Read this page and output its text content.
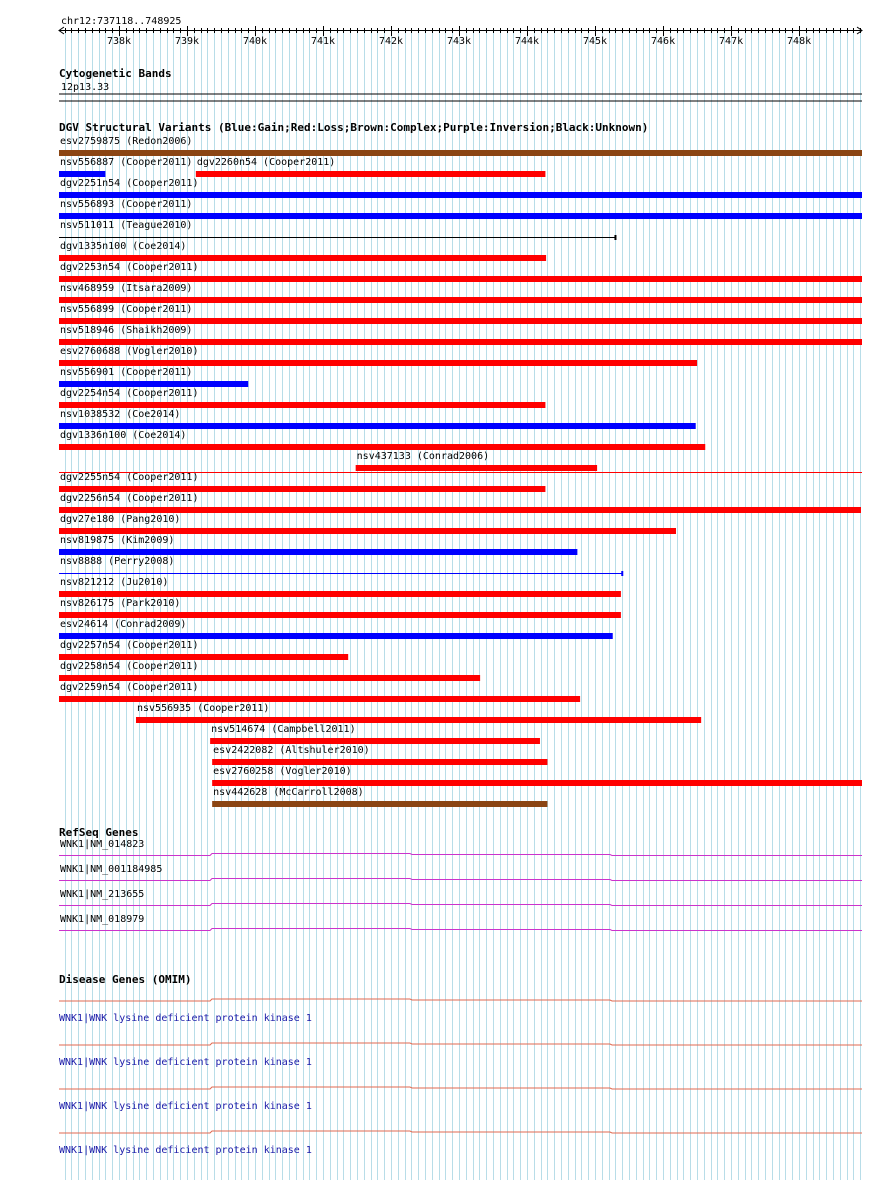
chr12:737118..748925
738k	739k	740k	741k	742k	743k	744k	745k	746k	747k	748k
Cytogenetic Bands
12p13.33
DGV Structural Variants (Blue:Gain;Red:Loss;Brown:Complex;Purple:Inversion;Black:Unknown)
esv2759875 (Redon2006)
nsv556887 (Cooper2011) dgv2260n54 (Cooper2011)
dgv2251n54 (Cooper2011)
nsv556893 (Cooper2011)
nsv511011 (Teague2010)
dgv1335n100 (Coe2014)
dgv2253n54 (Cooper2011)
nsv468959 (Itsara2009)
nsv556899 (Cooper2011)
nsv518946 (Shaikh2009)
esv2760688 (Vogler2010)
nsv556901 (Cooper2011)
dgv2254n54 (Cooper2011)
nsv1038532 (Coe2014)
dgv1336n100 (Coe2014)
nsv437133 (Conrad2006)
dgv2255n54 (Cooper2011)
dgv2256n54 (Cooper2011)
dgv27e180 (Pang2010)
nsv819875 (Kim2009)
nsv8888 (Perry2008)
nsv821212 (Ju2010)
nsv826175 (Park2010)
esv24614 (Conrad2009)
dgv2257n54 (Cooper2011)
dgv2258n54 (Cooper2011)
dgv2259n54 (Cooper2011)
nsv556935 (Cooper2011)
nsv514674 (Campbell2011)
esv2422082 (Altshuler2010)
esv2760258 (Vogler2010)
nsv442628 (McCarroll2008)
RefSeq Genes
WNK1|NM_014823
WNK1|NM_001184985
WNK1|NM_213655
WNK1|NM_018979
Disease Genes (OMIM)
WNK1|WNK lysine deficient protein kinase 1
WNK1|WNK lysine deficient protein kinase 1
WNK1|WNK lysine deficient protein kinase 1
WNK1|WNK lysine deficient protein kinase 1
